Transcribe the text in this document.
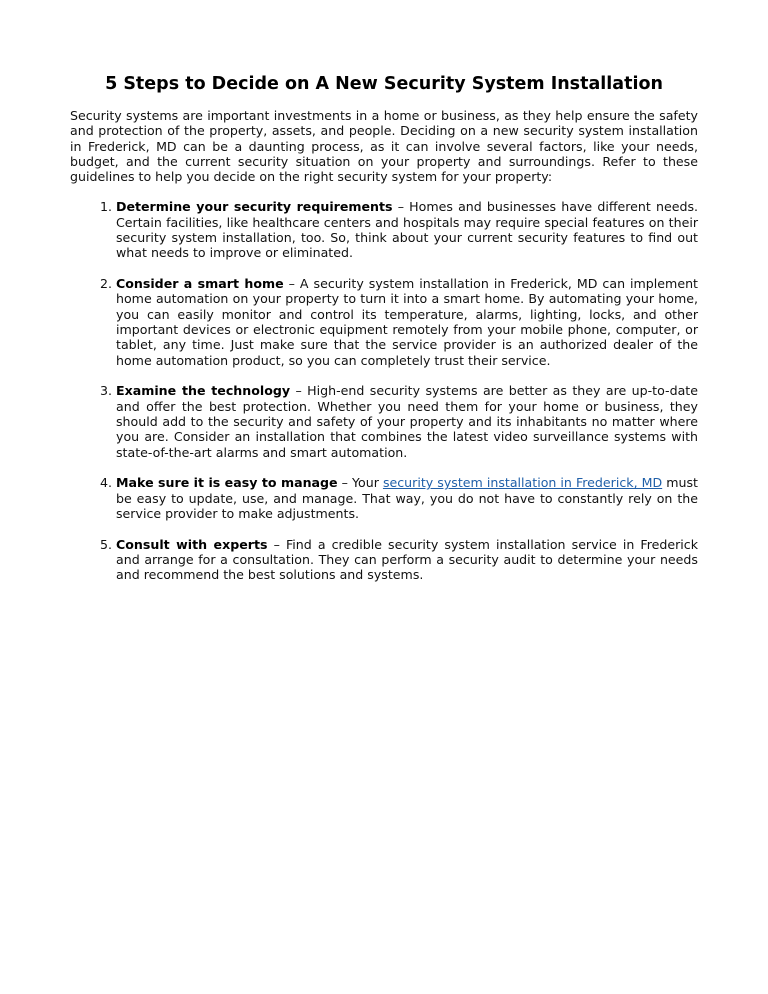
5 Steps to Decide on A New Security System Installation

Security systems are important investments in a home or business, as they help ensure the safety and protection of the property, assets, and people. Deciding on a new security system installation in Frederick, MD can be a daunting process, as it can involve several factors, like your needs, budget, and the current security situation on your property and surroundings. Refer to these guidelines to help you decide on the right security system for your property:

1. Determine your security requirements – Homes and businesses have different needs. Certain facilities, like healthcare centers and hospitals may require special features on their security system installation, too. So, think about your current security features to find out what needs to improve or eliminated.
2. Consider a smart home – A security system installation in Frederick, MD can implement home automation on your property to turn it into a smart home. By automating your home, you can easily monitor and control its temperature, alarms, lighting, locks, and other important devices or electronic equipment remotely from your mobile phone, computer, or tablet, any time. Just make sure that the service provider is an authorized dealer of the home automation product, so you can completely trust their service.
3. Examine the technology – High-end security systems are better as they are up-to-date and offer the best protection. Whether you need them for your home or business, they should add to the security and safety of your property and its inhabitants no matter where you are. Consider an installation that combines the latest video surveillance systems with state-of-the-art alarms and smart automation.
4. Make sure it is easy to manage – Your security system installation in Frederick, MD must be easy to update, use, and manage. That way, you do not have to constantly rely on the service provider to make adjustments.
5. Consult with experts – Find a credible security system installation service in Frederick and arrange for a consultation. They can perform a security audit to determine your needs and recommend the best solutions and systems.
